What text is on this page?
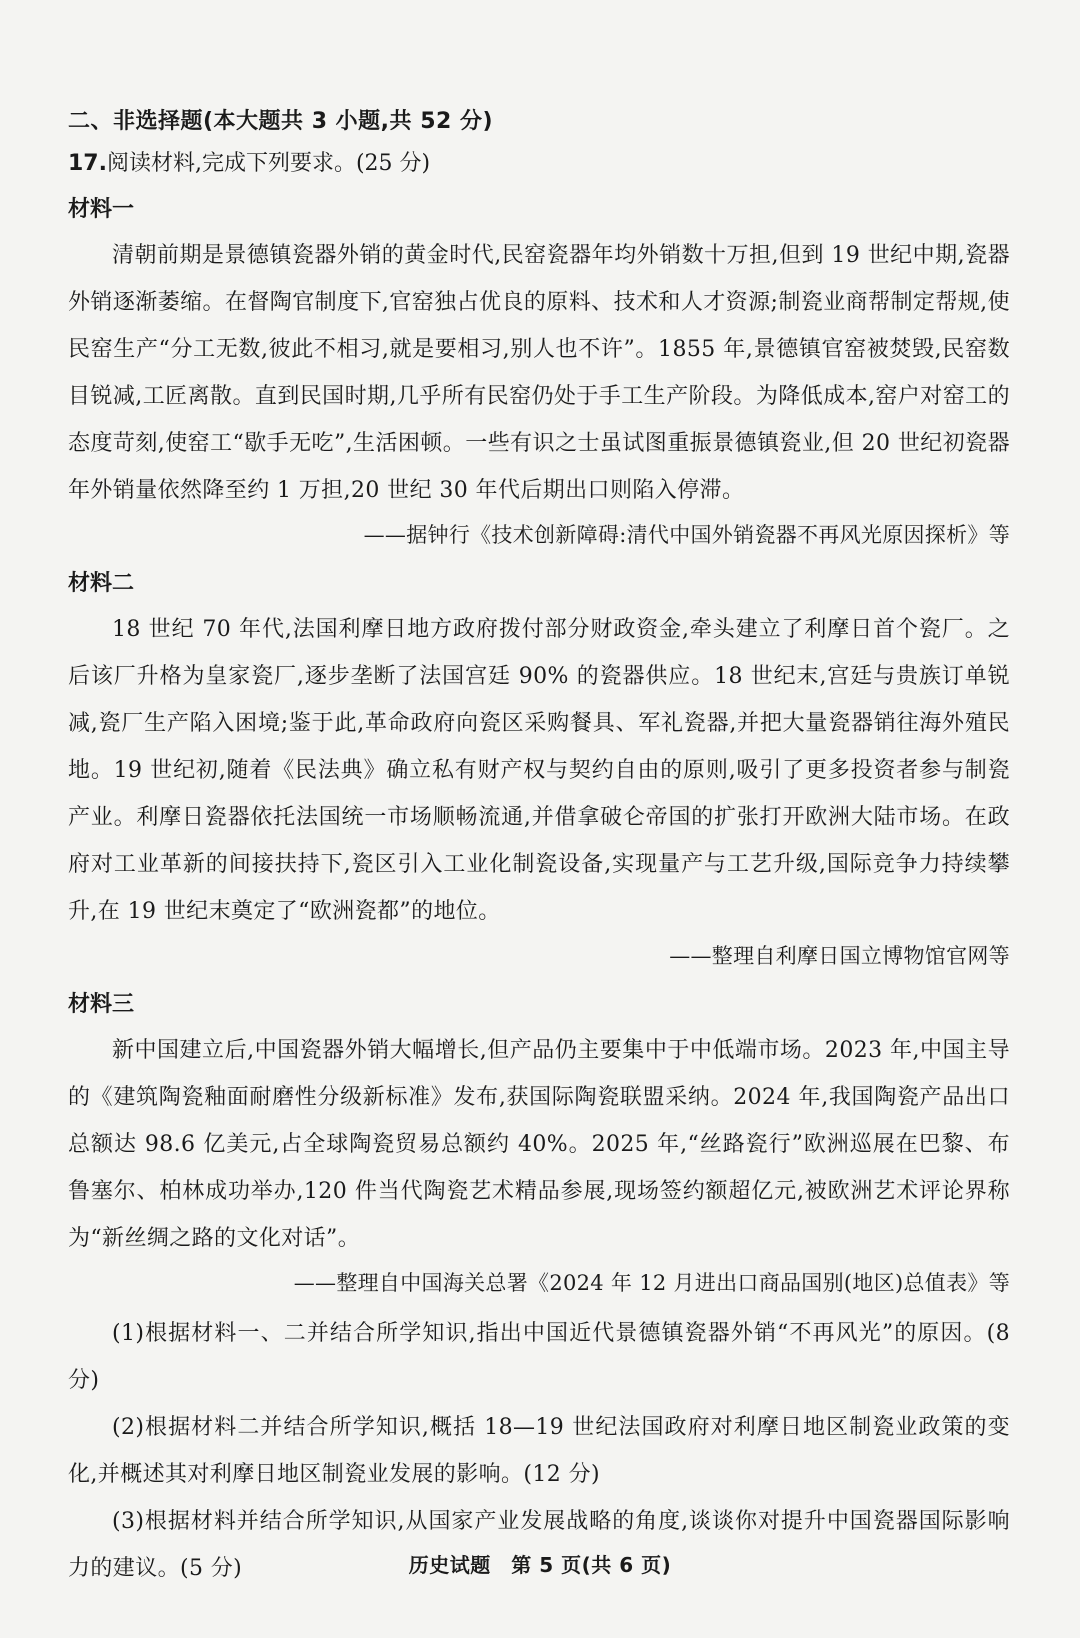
二、非选择题(本大题共 3 小题,共 52 分)

17.阅读材料,完成下列要求。(25 分)

材料一

清朝前期是景德镇瓷器外销的黄金时代,民窑瓷器年均外销数十万担,但到 19 世纪中期,瓷器外销逐渐萎缩。在督陶官制度下,官窑独占优良的原料、技术和人才资源;制瓷业商帮制定帮规,使民窑生产“分工无数,彼此不相习,就是要相习,别人也不许”。1855 年,景德镇官窑被焚毁,民窑数目锐减,工匠离散。直到民国时期,几乎所有民窑仍处于手工生产阶段。为降低成本,窑户对窑工的态度苛刻,使窑工“歇手无吃”,生活困顿。一些有识之士虽试图重振景德镇瓷业,但 20 世纪初瓷器年外销量依然降至约 1 万担,20 世纪 30 年代后期出口则陷入停滞。

——据钟行《技术创新障碍:清代中国外销瓷器不再风光原因探析》等

材料二

18 世纪 70 年代,法国利摩日地方政府拨付部分财政资金,牵头建立了利摩日首个瓷厂。之后该厂升格为皇家瓷厂,逐步垄断了法国宫廷 90% 的瓷器供应。18 世纪末,宫廷与贵族订单锐减,瓷厂生产陷入困境;鉴于此,革命政府向瓷区采购餐具、军礼瓷器,并把大量瓷器销往海外殖民地。19 世纪初,随着《民法典》确立私有财产权与契约自由的原则,吸引了更多投资者参与制瓷产业。利摩日瓷器依托法国统一市场顺畅流通,并借拿破仑帝国的扩张打开欧洲大陆市场。在政府对工业革新的间接扶持下,瓷区引入工业化制瓷设备,实现量产与工艺升级,国际竞争力持续攀升,在 19 世纪末奠定了“欧洲瓷都”的地位。

——整理自利摩日国立博物馆官网等

材料三

新中国建立后,中国瓷器外销大幅增长,但产品仍主要集中于中低端市场。2023 年,中国主导的《建筑陶瓷釉面耐磨性分级新标准》发布,获国际陶瓷联盟采纳。2024 年,我国陶瓷产品出口总额达 98.6 亿美元,占全球陶瓷贸易总额约 40%。2025 年,“丝路瓷行”欧洲巡展在巴黎、布鲁塞尔、柏林成功举办,120 件当代陶瓷艺术精品参展,现场签约额超亿元,被欧洲艺术评论界称为“新丝绸之路的文化对话”。

——整理自中国海关总署《2024 年 12 月进出口商品国别(地区)总值表》等

(1)根据材料一、二并结合所学知识,指出中国近代景德镇瓷器外销“不再风光”的原因。(8 分)

(2)根据材料二并结合所学知识,概括 18—19 世纪法国政府对利摩日地区制瓷业政策的变化,并概述其对利摩日地区制瓷业发展的影响。(12 分)

(3)根据材料并结合所学知识,从国家产业发展战略的角度,谈谈你对提升中国瓷器国际影响力的建议。(5 分)	历史试题　第 5 页(共 6 页)
